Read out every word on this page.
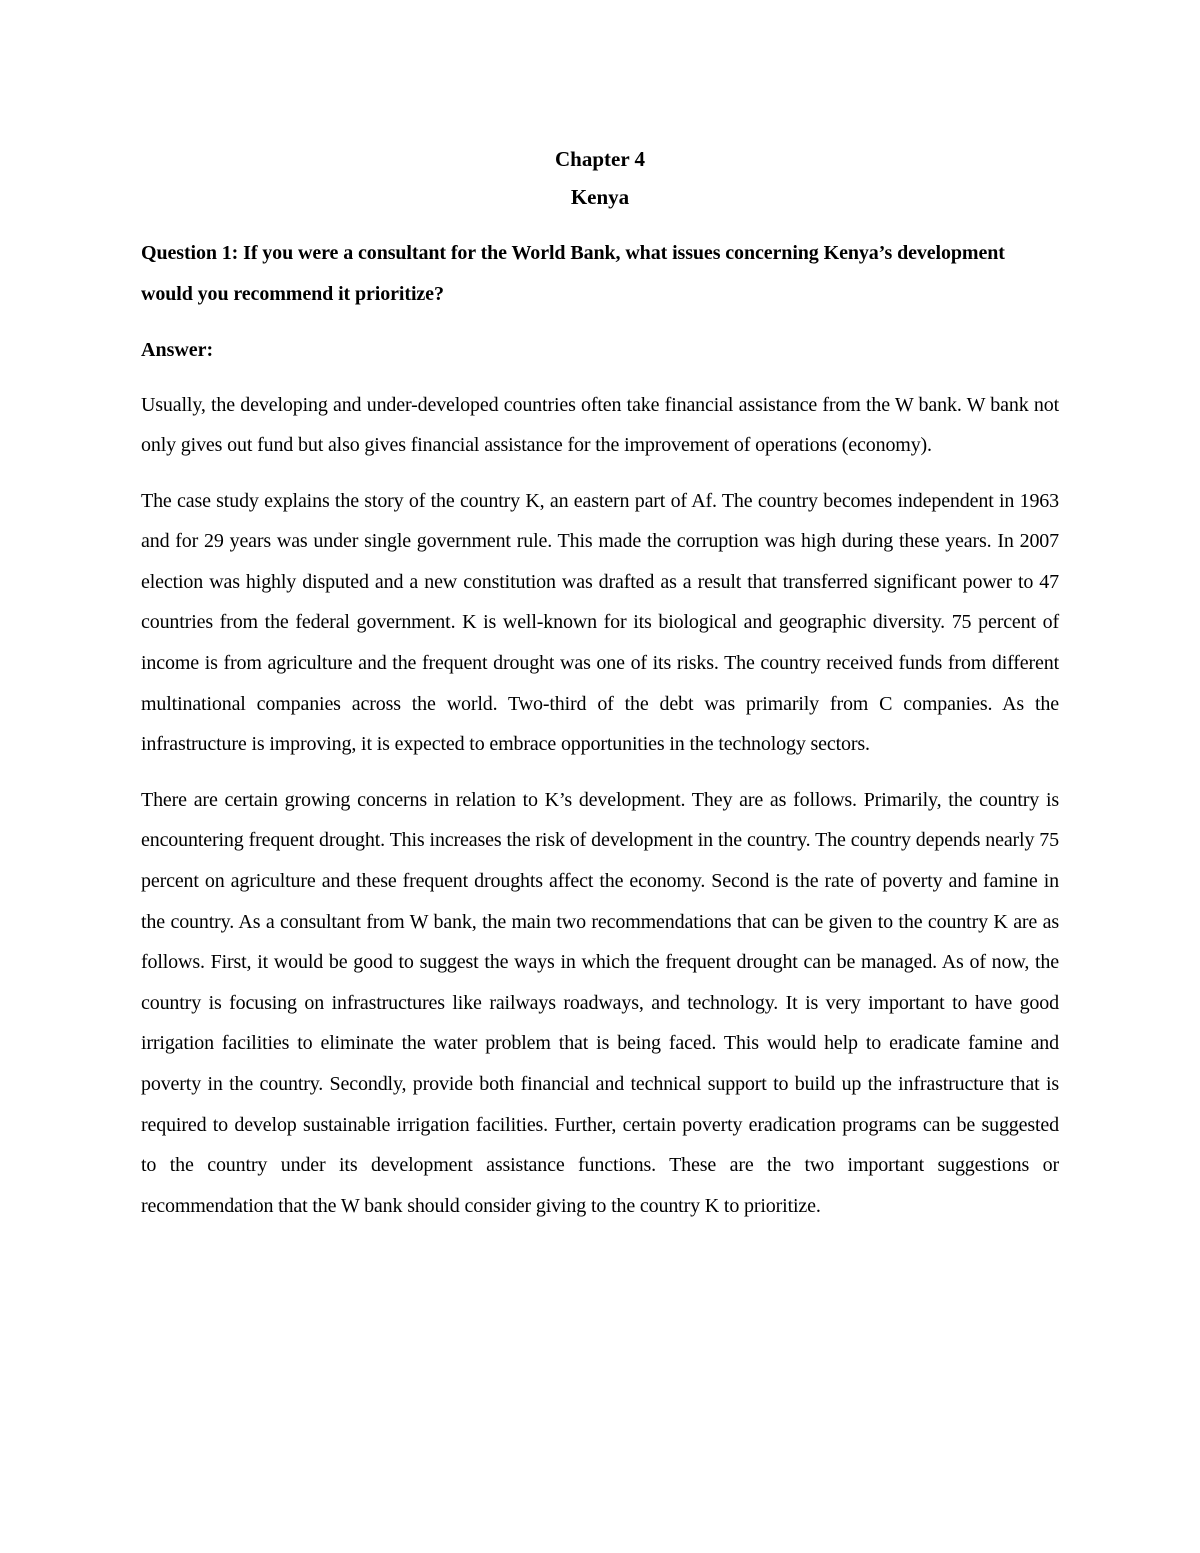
Chapter 4
Kenya

Question 1: If you were a consultant for the World Bank, what issues concerning Kenya’s development would you recommend it prioritize?

Answer:

Usually, the developing and under-developed countries often take financial assistance from the W bank. W bank not only gives out fund but also gives financial assistance for the improvement of operations (economy).

The case study explains the story of the country K, an eastern part of Af. The country becomes independent in 1963 and for 29 years was under single government rule. This made the corruption was high during these years. In 2007 election was highly disputed and a new constitution was drafted as a result that transferred significant power to 47 countries from the federal government. K is well-known for its biological and geographic diversity. 75 percent of income is from agriculture and the frequent drought was one of its risks. The country received funds from different multinational companies across the world. Two-third of the debt was primarily from C companies. As the infrastructure is improving, it is expected to embrace opportunities in the technology sectors.

There are certain growing concerns in relation to K’s development. They are as follows. Primarily, the country is encountering frequent drought. This increases the risk of development in the country. The country depends nearly 75 percent on agriculture and these frequent droughts affect the economy. Second is the rate of poverty and famine in the country. As a consultant from W bank, the main two recommendations that can be given to the country K are as follows. First, it would be good to suggest the ways in which the frequent drought can be managed. As of now, the country is focusing on infrastructures like railways roadways, and technology. It is very important to have good irrigation facilities to eliminate the water problem that is being faced. This would help to eradicate famine and poverty in the country. Secondly, provide both financial and technical support to build up the infrastructure that is required to develop sustainable irrigation facilities. Further, certain poverty eradication programs can be suggested to the country under its development assistance functions. These are the two important suggestions or recommendation that the W bank should consider giving to the country K to prioritize.
